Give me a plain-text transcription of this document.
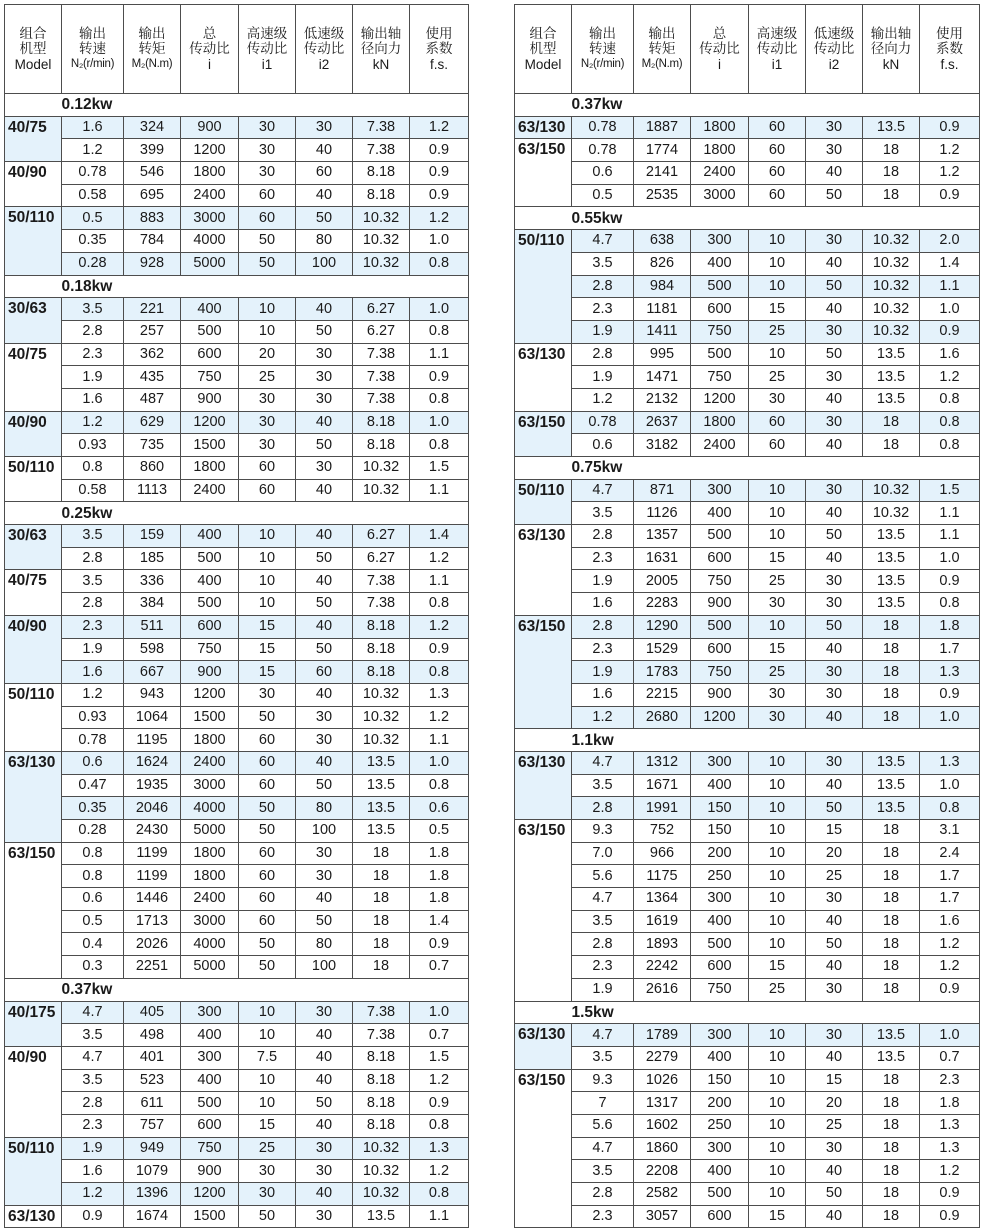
组合
机型
Model	输出
转速
N₂(r/min)	输出
转矩
M₂(N.m)	总
传动比
i	高速级
传动比
i1	低速级
传动比
i2	输出轴
径向力
kN	使用
系数
f.s.

	0.12kw						
40/75	1.6	324	900	30	30	7.38	1.2
	1.2	399	1200	30	40	7.38	0.9
40/90	0.78	546	1800	30	60	8.18	0.9
	0.58	695	2400	60	40	8.18	0.9
50/110	0.5	883	3000	60	50	10.32	1.2
	0.35	784	4000	50	80	10.32	1.0
	0.28	928	5000	50	100	10.32	0.8
	0.18kw						
30/63	3.5	221	400	10	40	6.27	1.0
	2.8	257	500	10	50	6.27	0.8
40/75	2.3	362	600	20	30	7.38	1.1
	1.9	435	750	25	30	7.38	0.9
	1.6	487	900	30	30	7.38	0.8
40/90	1.2	629	1200	30	40	8.18	1.0
	0.93	735	1500	30	50	8.18	0.8
50/110	0.8	860	1800	60	30	10.32	1.5
	0.58	1113	2400	60	40	10.32	1.1
	0.25kw						
30/63	3.5	159	400	10	40	6.27	1.4
	2.8	185	500	10	50	6.27	1.2
40/75	3.5	336	400	10	40	7.38	1.1
	2.8	384	500	10	50	7.38	0.8
40/90	2.3	511	600	15	40	8.18	1.2
	1.9	598	750	15	50	8.18	0.9
	1.6	667	900	15	60	8.18	0.8
50/110	1.2	943	1200	30	40	10.32	1.3
	0.93	1064	1500	50	30	10.32	1.2
	0.78	1195	1800	60	30	10.32	1.1
63/130	0.6	1624	2400	60	40	13.5	1.0
	0.47	1935	3000	60	50	13.5	0.8
	0.35	2046	4000	50	80	13.5	0.6
	0.28	2430	5000	50	100	13.5	0.5
63/150	0.8	1199	1800	60	30	18	1.8
	0.8	1199	1800	60	30	18	1.8
	0.6	1446	2400	60	40	18	1.8
	0.5	1713	3000	60	50	18	1.4
	0.4	2026	4000	50	80	18	0.9
	0.3	2251	5000	50	100	18	0.7
	0.37kw						
40/175	4.7	405	300	10	30	7.38	1.0
	3.5	498	400	10	40	7.38	0.7
40/90	4.7	401	300	7.5	40	8.18	1.5
	3.5	523	400	10	40	8.18	1.2
	2.8	611	500	10	50	8.18	0.9
	2.3	757	600	15	40	8.18	0.8
50/110	1.9	949	750	25	30	10.32	1.3
	1.6	1079	900	30	30	10.32	1.2
	1.2	1396	1200	30	40	10.32	0.8
63/130	0.9	1674	1500	50	30	13.5	1.1
组合
机型
Model	输出
转速
N₂(r/min)	输出
转矩
M₂(N.m)	总
传动比
i	高速级
传动比
i1	低速级
传动比
i2	输出轴
径向力
kN	使用
系数
f.s.

	0.37kw						
63/130	0.78	1887	1800	60	30	13.5	0.9
63/150	0.78	1774	1800	60	30	18	1.2
	0.6	2141	2400	60	40	18	1.2
	0.5	2535	3000	60	50	18	0.9
	0.55kw						
50/110	4.7	638	300	10	30	10.32	2.0
	3.5	826	400	10	40	10.32	1.4
	2.8	984	500	10	50	10.32	1.1
	2.3	1181	600	15	40	10.32	1.0
	1.9	1411	750	25	30	10.32	0.9
63/130	2.8	995	500	10	50	13.5	1.6
	1.9	1471	750	25	30	13.5	1.2
	1.2	2132	1200	30	40	13.5	0.8
63/150	0.78	2637	1800	60	30	18	0.8
	0.6	3182	2400	60	40	18	0.8
	0.75kw						
50/110	4.7	871	300	10	30	10.32	1.5
	3.5	1126	400	10	40	10.32	1.1
63/130	2.8	1357	500	10	50	13.5	1.1
	2.3	1631	600	15	40	13.5	1.0
	1.9	2005	750	25	30	13.5	0.9
	1.6	2283	900	30	30	13.5	0.8
63/150	2.8	1290	500	10	50	18	1.8
	2.3	1529	600	15	40	18	1.7
	1.9	1783	750	25	30	18	1.3
	1.6	2215	900	30	30	18	0.9
	1.2	2680	1200	30	40	18	1.0
	1.1kw						
63/130	4.7	1312	300	10	30	13.5	1.3
	3.5	1671	400	10	40	13.5	1.0
	2.8	1991	150	10	50	13.5	0.8
63/150	9.3	752	150	10	15	18	3.1
	7.0	966	200	10	20	18	2.4
	5.6	1175	250	10	25	18	1.7
	4.7	1364	300	10	30	18	1.7
	3.5	1619	400	10	40	18	1.6
	2.8	1893	500	10	50	18	1.2
	2.3	2242	600	15	40	18	1.2
	1.9	2616	750	25	30	18	0.9
	1.5kw						
63/130	4.7	1789	300	10	30	13.5	1.0
	3.5	2279	400	10	40	13.5	0.7
63/150	9.3	1026	150	10	15	18	2.3
	7	1317	200	10	20	18	1.8
	5.6	1602	250	10	25	18	1.3
	4.7	1860	300	10	30	18	1.3
	3.5	2208	400	10	40	18	1.2
	2.8	2582	500	10	50	18	0.9
	2.3	3057	600	15	40	18	0.9
